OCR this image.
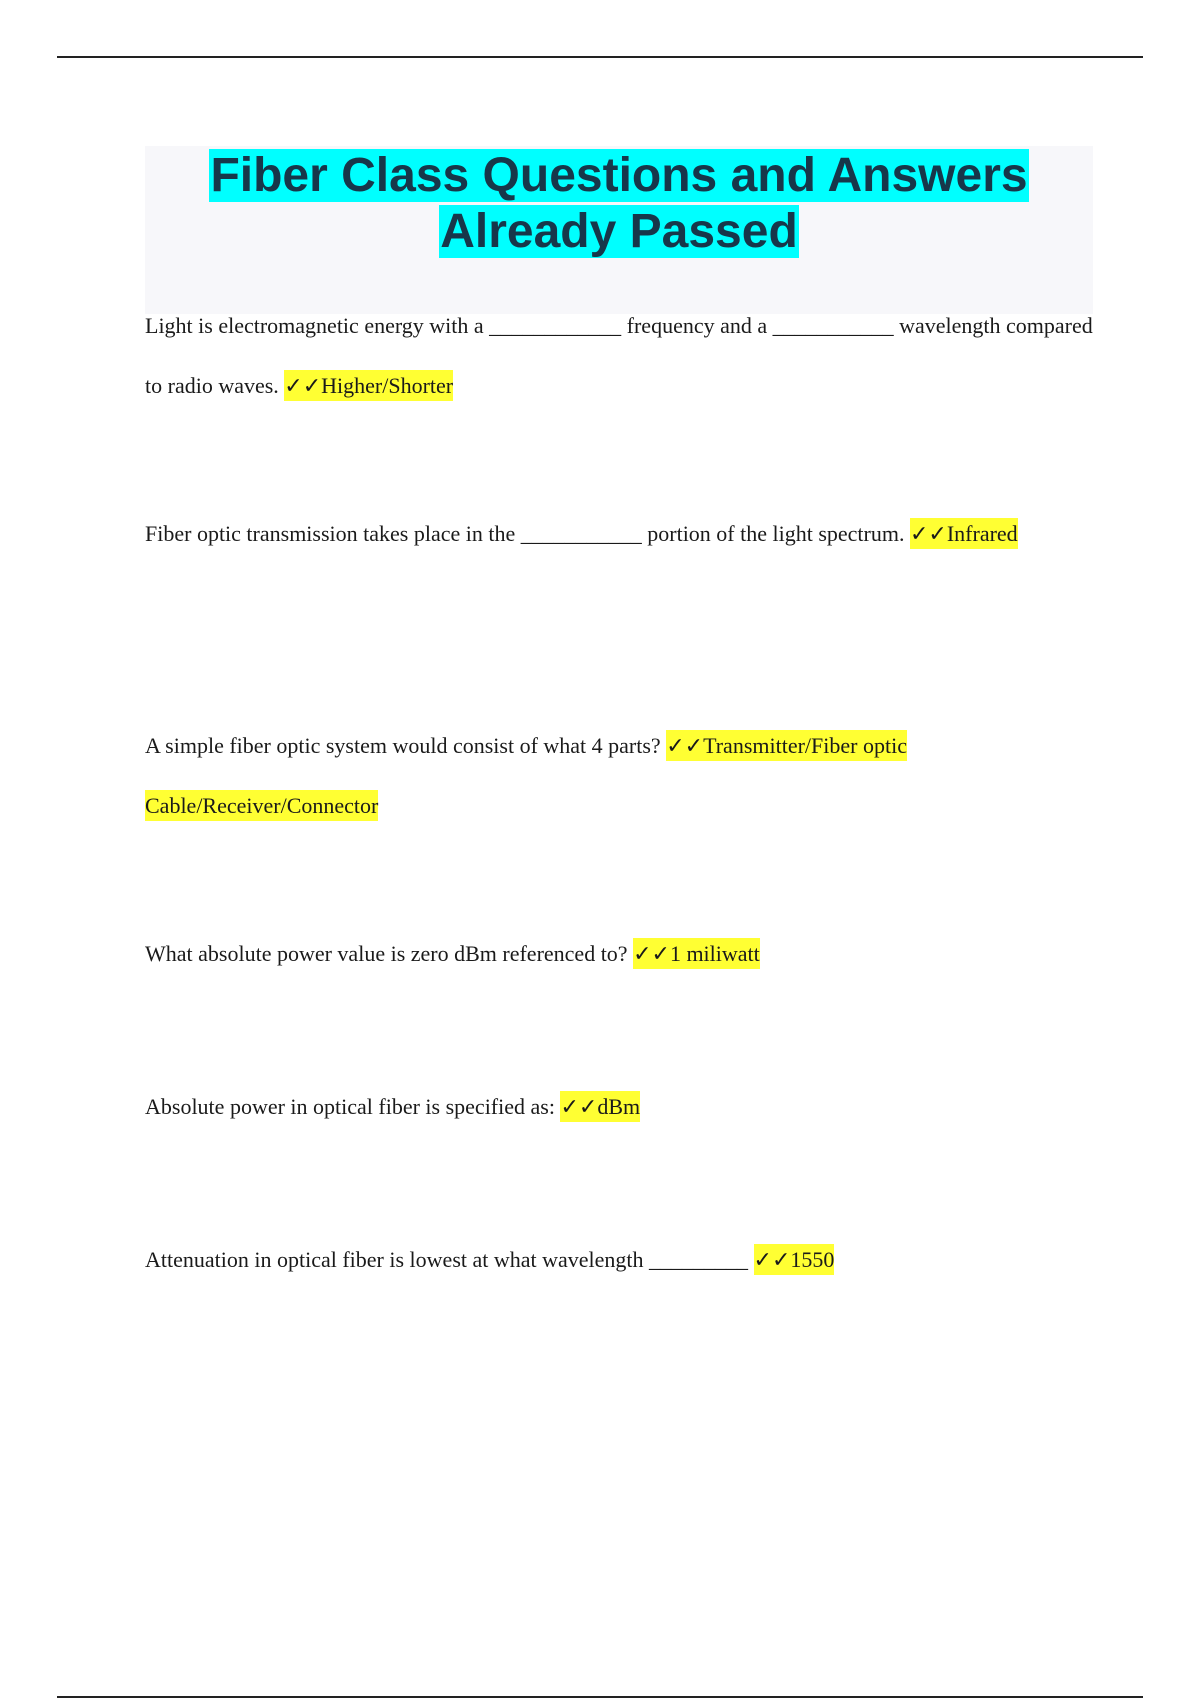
Fiber Class Questions and Answers
Already Passed

Light is electromagnetic energy with a ____________ frequency and a ___________ wavelength compared to radio waves. ✓✓Higher/Shorter

Fiber optic transmission takes place in the ___________ portion of the light spectrum. ✓✓Infrared

A simple fiber optic system would consist of what 4 parts? ✓✓Transmitter/Fiber optic Cable/Receiver/Connector

What absolute power value is zero dBm referenced to? ✓✓1 miliwatt

Absolute power in optical fiber is specified as: ✓✓dBm

Attenuation in optical fiber is lowest at what wavelength _________ ✓✓1550
